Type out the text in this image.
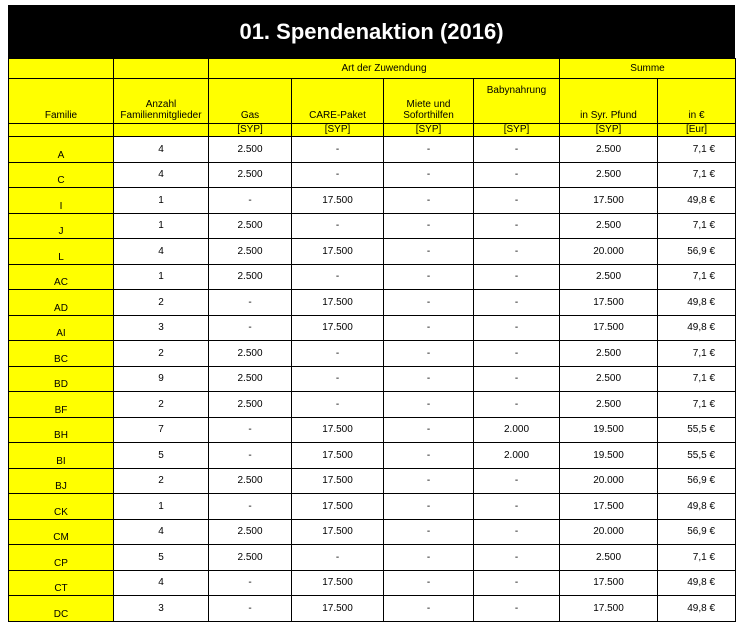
01. Spendenaktion (2016)
		Art der Zuwendung				Summe	
Familie	Anzahl Familienmitglieder	Gas	CARE-Paket	Miete und Soforthilfen	Babynahrung	in Syr. Pfund	in €
		[SYP]	[SYP]	[SYP]	[SYP]	[SYP]	[Eur]
A	4	2.500	-	-	-	2.500	7,1 €
C	4	2.500	-	-	-	2.500	7,1 €
I	1	-	17.500	-	-	17.500	49,8 €
J	1	2.500	-	-	-	2.500	7,1 €
L	4	2.500	17.500	-	-	20.000	56,9 €
AC	1	2.500	-	-	-	2.500	7,1 €
AD	2	-	17.500	-	-	17.500	49,8 €
AI	3	-	17.500	-	-	17.500	49,8 €
BC	2	2.500	-	-	-	2.500	7,1 €
BD	9	2.500	-	-	-	2.500	7,1 €
BF	2	2.500	-	-	-	2.500	7,1 €
BH	7	-	17.500	-	2.000	19.500	55,5 €
BI	5	-	17.500	-	2.000	19.500	55,5 €
BJ	2	2.500	17.500	-	-	20.000	56,9 €
CK	1	-	17.500	-	-	17.500	49,8 €
CM	4	2.500	17.500	-	-	20.000	56,9 €
CP	5	2.500	-	-	-	2.500	7,1 €
CT	4	-	17.500	-	-	17.500	49,8 €
DC	3	-	17.500	-	-	17.500	49,8 €
